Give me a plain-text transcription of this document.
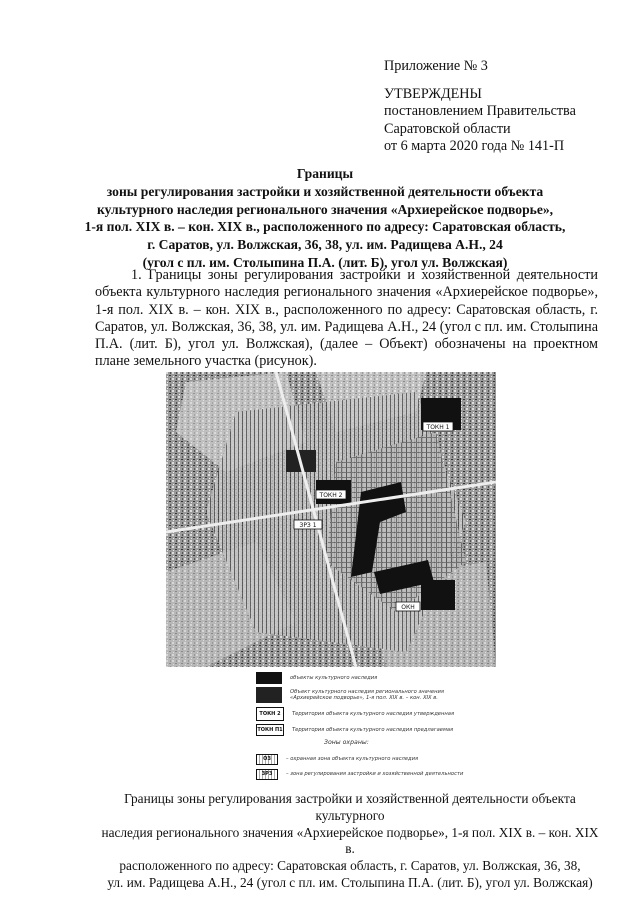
Приложение № 3
УТВЕРЖДЕНЫ
постановлением Правительства
Саратовской области
от 6 марта 2020 года № 141-П
Границы
зоны регулирования застройки и хозяйственной деятельности объекта
культурного наследия регионального значения «Архиерейское подворье»,
1-я пол. XIX в. – кон. XIX в., расположенного по адресу: Саратовская область,
г. Саратов, ул. Волжская, 36, 38, ул. им. Радищева А.Н., 24
(угол с пл. им. Столыпина П.А. (лит. Б), угол ул. Волжская)
1. Границы зоны регулирования застройки и хозяйственной деятельности объекта культурного наследия регионального значения «Архиерейское подворье», 1-я пол. XIX в. – кон. XIX в., расположенного по адресу: Саратовская область, г. Саратов, ул. Волжская, 36, 38, ул. им. Радищева А.Н., 24 (угол с пл. им. Столыпина П.А. (лит. Б), угол ул. Волжская), (далее – Объект) обозначены на проектном плане земельного участка (рисунок).
ТОКН 1
ТОКН 2
ЗРЗ 1
ОКН
объекты культурного наследия
Объект культурного наследия регионального значения «Архиерейское подворье», 1-я пол. XIX в. – кон. XIX в.
ТОКН 2	Территория объекта культурного наследия утвержденная
ТОКН П1 Территория объекта культурного наследия предлагаемая
Зоны охраны:
ОЗ	– охранная зона объекта культурного наследия
ЗРЗ	– зона регулирования застройки и хозяйственной деятельности
Границы зоны регулирования застройки и хозяйственной деятельности объекта культурного
наследия регионального значения «Архиерейское подворье», 1-я пол. XIX в. – кон. XIX в.
расположенного по адресу: Саратовская область, г. Саратов, ул. Волжская, 36, 38,
ул. им. Радищева А.Н., 24 (угол с пл. им. Столыпина П.А. (лит. Б), угол ул. Волжская)
